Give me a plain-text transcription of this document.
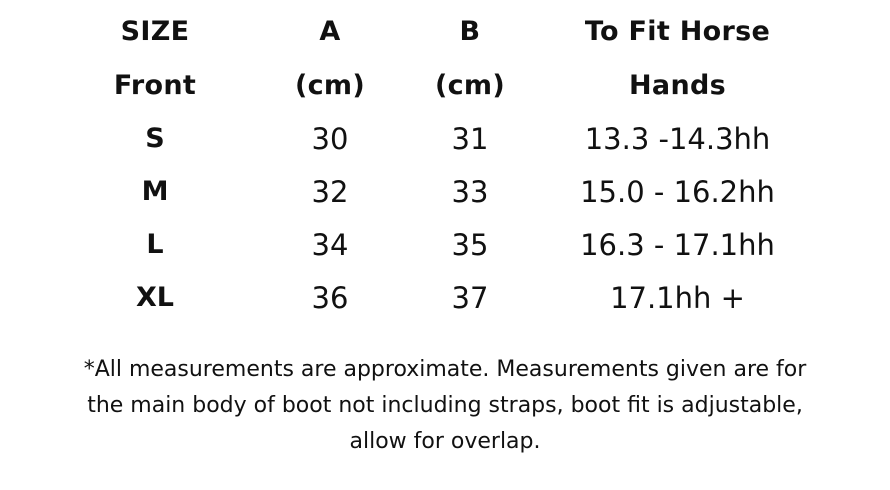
SIZE	A	B	To Fit Horse
Front	(cm)	(cm)	Hands
S	30	31	13.3 -14.3hh
M	32	33	15.0 - 16.2hh
L	34	35	16.3 - 17.1hh
XL	36	37	17.1hh +
*All measurements are approximate. Measurements given are for
the main body of boot not including straps, boot fit is adjustable,
allow for overlap.
